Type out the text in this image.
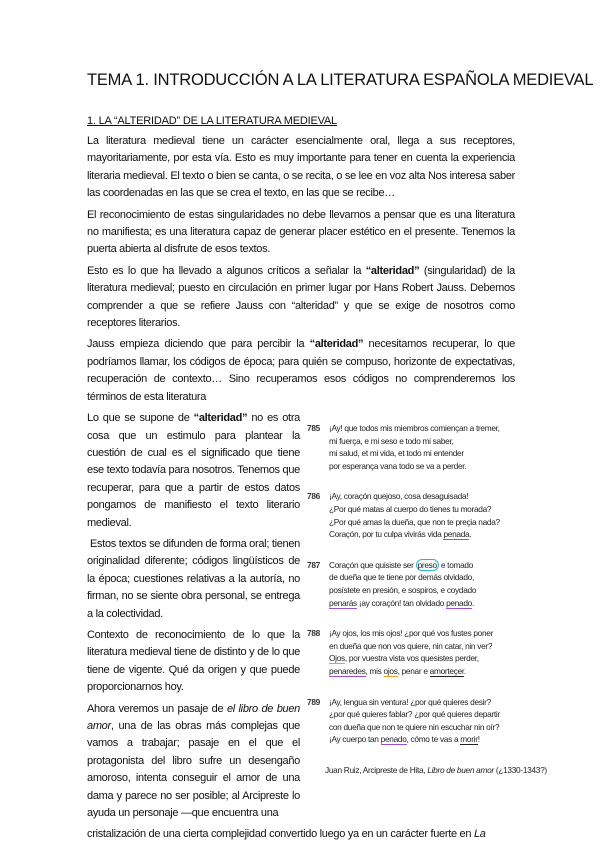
TEMA 1. INTRODUCCIÓN A LA LITERATURA ESPAÑOLA MEDIEVAL
1. LA “ALTERIDAD” DE LA LITERATURA MEDIEVAL

La literatura medieval tiene un carácter esencialmente oral, llega a sus receptores, mayoritariamente, por esta vía. Esto es muy importante para tener en cuenta la experiencia literaria medieval. El texto o bien se canta, o se recita, o se lee en voz alta Nos interesa saber las coordenadas en las que se crea el texto, en las que se recibe…

El reconocimiento de estas singularidades no debe llevarnos a pensar que es una literatura no manifiesta; es una literatura capaz de generar placer estético en el presente. Tenemos la puerta abierta al disfrute de esos textos.

Esto es lo que ha llevado a algunos críticos a señalar la “alteridad” (singularidad) de la literatura medieval; puesto en circulación en primer lugar por Hans Robert Jauss. Debemos comprender a que se refiere Jauss con “alteridad” y que se exige de nosotros como receptores literarios.

Jauss empieza diciendo que para percibir la “alteridad” necesitamos recuperar, lo que podríamos llamar, los códigos de época; para quién se compuso, horizonte de expectativas, recuperación de contexto… Sino recuperamos esos códigos no comprenderemos los términos de esta literatura

Lo que se supone de “alteridad” no es otra cosa que un estimulo para plantear la cuestión de cual es el significado que tiene ese texto todavía para nosotros. Tenemos que recuperar, para que a partir de estos datos pongamos de manifiesto el texto literario medieval.

Estos textos se difunden de forma oral; tienen originalidad diferente; códigos lingüísticos de la época; cuestiones relativas a la autoría, no firman, no se siente obra personal, se entrega a la colectividad.

Contexto de reconocimiento de lo que la literatura medieval tiene de distinto y de lo que tiene de vigente. Qué da origen y que puede proporcionarnos hoy.

Ahora veremos un pasaje de el libro de buen amor, una de las obras más complejas que vamos a trabajar; pasaje en el que el protagonista del libro sufre un desengaño amoroso, intenta conseguir el amor de una dama y parece no ser posible; al Arcipreste lo ayuda un personaje —que encuentra una

785	¡Ay! que todos mis miembros comiençan a tremer,
mi fuerça, e mi seso e todo mi saber,
mi salud, et mi vida, et todo mi entender
por esperança vana todo se va a perder.
786	¡Ay, coraçón quejoso, cosa desaguisada!
¿Por qué matas al cuerpo do tienes tu morada?
¿Por qué amas la dueña, que non te preçia nada?
Coraçón, por tu culpa vivirás vida penada.
787	Coraçón que quisiste ser preso e tomado
de dueña que te tiene por demás olvidado,
posístete en presión, e sospiros, e coydado
penarás ¡ay coraçón! tan olvidado penado.
788	¡Ay ojos, los mis ojos! ¿por qué vos fustes poner
en dueña que non vos quiere, nin catar, nin ver?
Ojos, por vuestra vista vos quesistes perder,
penaredes, mis ojos, penar e amorteçer.
789	¡Ay, lengua sin ventura! ¿por qué quieres desir?
¿por qué quieres fablar? ¿por qué quieres departir
con dueña que non te quiere nin escuchar nin oír?
¡Ay cuerpo tan penado, cómo te vas a morir!
Juan Ruiz, Arcipreste de Hita, Libro de buen amor (¿1330-1343?)
cristalización de una cierta complejidad convertido luego ya en un carácter fuerte en La
